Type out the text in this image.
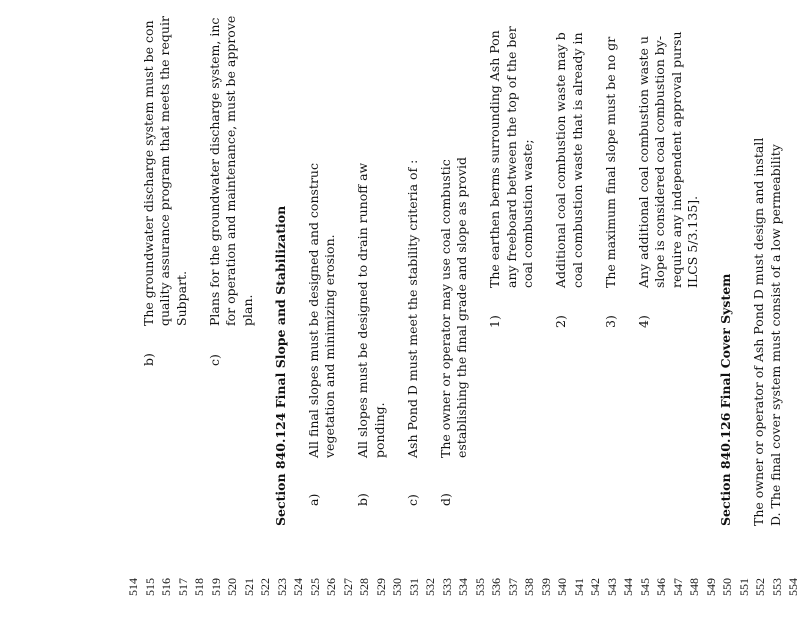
514 515 516 517 518 519 520 521 522 523 524 525 526 527 528 529 530 531 532 533 534 535 536 537 538 539 540 541 542 543 544 545 546 547 548 549 550 551 552 553 554
b)
The groundwater discharge system must be con quality assurance program that meets the requir Subpart.
c)
Plans for the groundwater discharge system, inc for operation and maintenance, must be approve plan. Section 840.124 Final Slope and Stabilization a)
All final slopes must be designed and construc vegetation and minimizing erosion.
b)
All slopes must be designed to drain runoff aw ponding.
c)
Ash Pond D must meet the stability criteria of :
d)
The owner or operator may use coal combustic establishing the final grade and slope as provid 1)
The earthen berms surrounding Ash Pon any freeboard between the top of the ber coal combustion waste;
2)
Additional coal combustion waste may b coal combustion waste that is already in
3)
The maximum final slope must be no gr
4)
Any additional coal combustion waste u slope is considered coal combustion by- require any independent approval pursu ILCS 5/3.135].
Section 840.126 Final Cover System The owner or operator of Ash Pond D must design and install D. The final cover system must consist of a low permeability
